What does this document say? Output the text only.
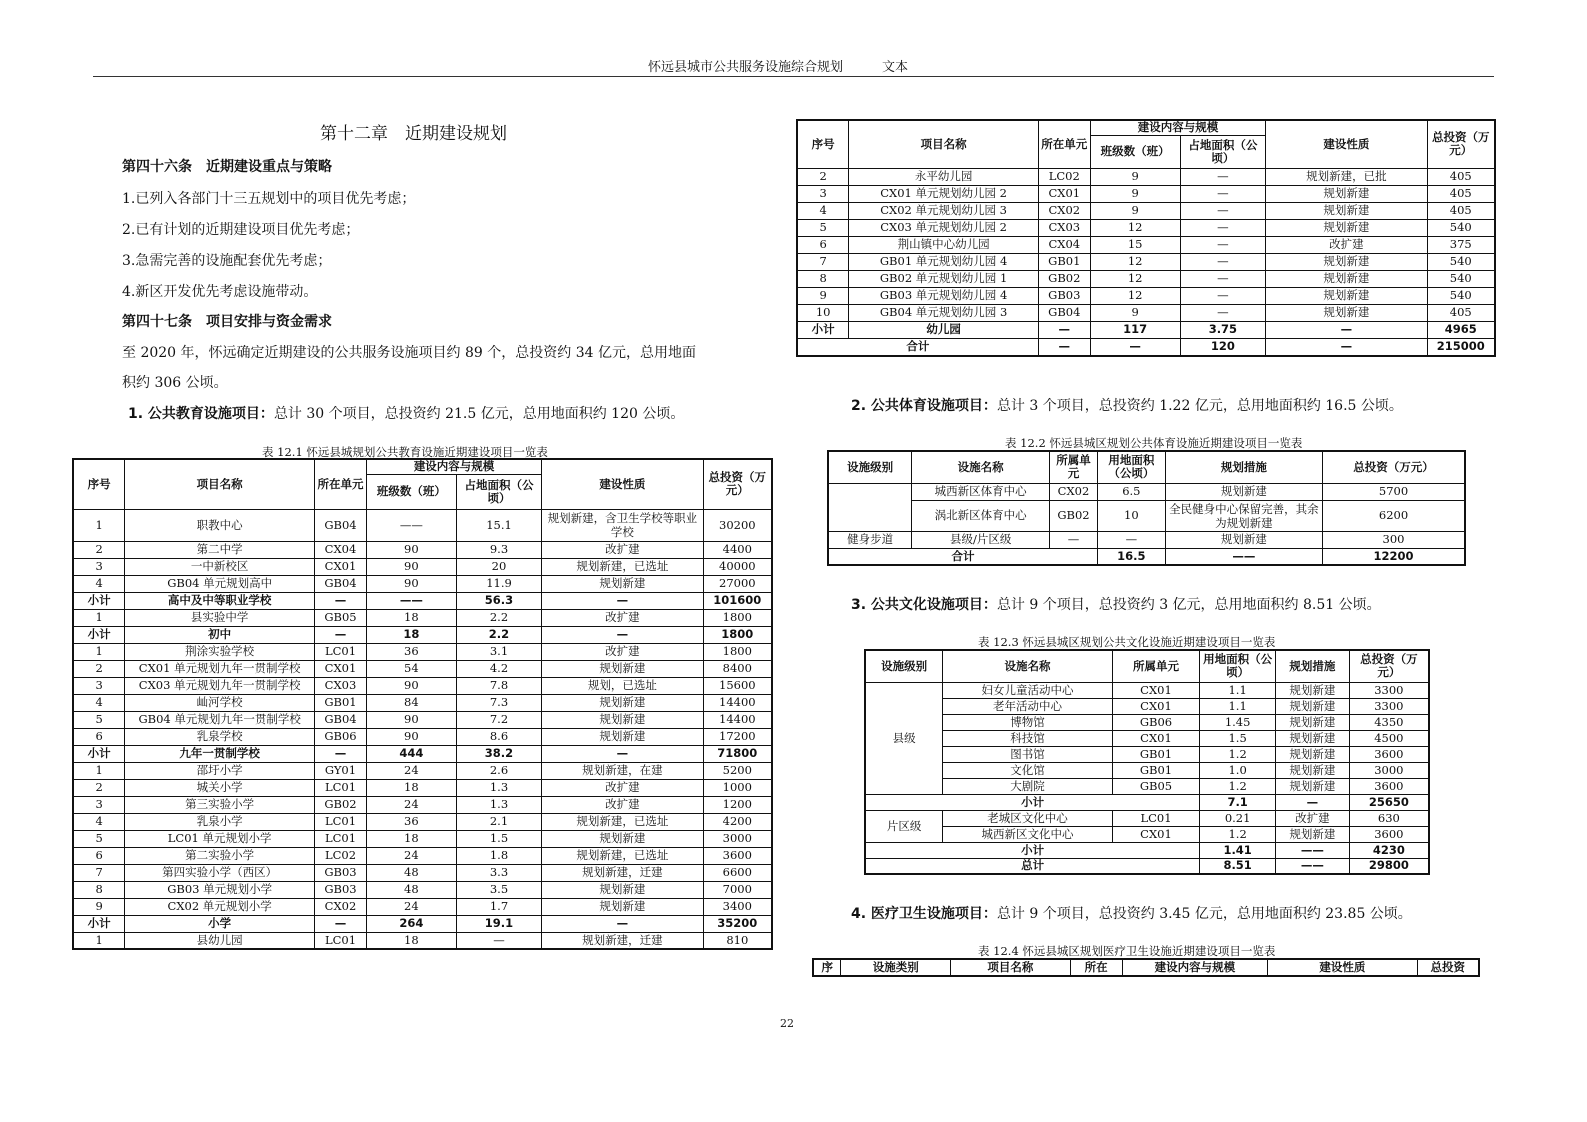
怀远县城市公共服务设施综合规划　　　文本
第十二章　近期建设规划
第四十六条　近期建设重点与策略
1.已列入各部门十三五规划中的项目优先考虑；
2.已有计划的近期建设项目优先考虑；
3.急需完善的设施配套优先考虑；
4.新区开发优先考虑设施带动。
第四十七条　项目安排与资金需求
至 2020 年，怀远确定近期建设的公共服务设施项目约 89 个，总投资约 34 亿元，总用地面
积约 306 公顷。
1. 公共教育设施项目：总计 30 个项目，总投资约 21.5 亿元，总用地面积约 120 公顷。
表 12.1 怀远县城规划公共教育设施近期建设项目一览表
序号	项目名称	所在单元	建设内容与规模		建设性质	总投资（万元）
			班级数（班）	占地面积（公顷）		
1	职教中心	GB04	——	15.1	规划新建，含卫生学校等职业学校	30200
2	第二中学	CX04	90	9.3	改扩建	4400
3	一中新校区	CX01	90	20	规划新建，已选址	40000
4	GB04 单元规划高中	GB04	90	11.9	规划新建	27000
小计	高中及中等职业学校	—	——	56.3	—	101600
1	县实验中学	GB05	18	2.2	改扩建	1800
小计	初中	—	18	2.2	—	1800
1	荆涂实验学校	LC01	36	3.1	改扩建	1800
2	CX01 单元规划九年一贯制学校	CX01	54	4.2	规划新建	8400
3	CX03 单元规划九年一贯制学校	CX03	90	7.8	规划，已选址	15600
4	屾河学校	GB01	84	7.3	规划新建	14400
5	GB04 单元规划九年一贯制学校	GB04	90	7.2	规划新建	14400
6	乳泉学校	GB06	90	8.6	规划新建	17200
小计	九年一贯制学校	—	444	38.2	—	71800
1	邵圩小学	GY01	24	2.6	规划新建，在建	5200
2	城关小学	LC01	18	1.3	改扩建	1000
3	第三实验小学	GB02	24	1.3	改扩建	1200
4	乳泉小学	LC01	36	2.1	规划新建，已选址	4200
5	LC01 单元规划小学	LC01	18	1.5	规划新建	3000
6	第二实验小学	LC02	24	1.8	规划新建，已选址	3600
7	第四实验小学（西区）	GB03	48	3.3	规划新建，迁建	6600
8	GB03 单元规划小学	GB03	48	3.5	规划新建	7000
9	CX02 单元规划小学	CX02	24	1.7	规划新建	3400
小计	小学	—	264	19.1	—	35200
1	县幼儿园	LC01	18	—	规划新建，迁建	810
序号	项目名称	所在单元	建设内容与规模		建设性质	总投资（万元）
			班级数（班）	占地面积（公顷）		
2	永平幼儿园	LC02	9	—	规划新建，已批	405
3	CX01 单元规划幼儿园 2	CX01	9	—	规划新建	405
4	CX02 单元规划幼儿园 3	CX02	9	—	规划新建	405
5	CX03 单元规划幼儿园 2	CX03	12	—	规划新建	540
6	荆山镇中心幼儿园	CX04	15	—	改扩建	375
7	GB01 单元规划幼儿园 4	GB01	12	—	规划新建	540
8	GB02 单元规划幼儿园 1	GB02	12	—	规划新建	540
9	GB03 单元规划幼儿园 4	GB03	12	—	规划新建	540
10	GB04 单元规划幼儿园 3	GB04	9	—	规划新建	405
小计	幼儿园	—	117	3.75	—	4965
合计		—	—	120	—	215000
2. 公共体育设施项目：总计 3 个项目，总投资约 1.22 亿元，总用地面积约 16.5 公顷。
表 12.2 怀远县城区规划公共体育设施近期建设项目一览表
设施级别	设施名称	所属单元	用地面积（公顷）	规划措施	总投资（万元）
	城西新区体育中心	CX02	6.5	规划新建	5700
	涡北新区体育中心	GB02	10	全民健身中心保留完善，其余为规划新建	6200
健身步道	县级/片区级	—	—	规划新建	300
合计			16.5	——	12200
3. 公共文化设施项目：总计 9 个项目，总投资约 3 亿元，总用地面积约 8.51 公顷。
表 12.3 怀远县城区规划公共文化设施近期建设项目一览表
设施级别	设施名称	所属单元	用地面积（公顷）	规划措施	总投资（万元）
县级	妇女儿童活动中心	CX01	1.1	规划新建	3300
	老年活动中心	CX01	1.1	规划新建	3300
	博物馆	GB06	1.45	规划新建	4350
	科技馆	CX01	1.5	规划新建	4500
	图书馆	GB01	1.2	规划新建	3600
	文化馆	GB01	1.0	规划新建	3000
	大剧院	GB05	1.2	规划新建	3600
小计			7.1	—	25650
片区级	老城区文化中心	LC01	0.21	改扩建	630
	城西新区文化中心	CX01	1.2	规划新建	3600
小计			1.41	——	4230
总计			8.51	——	29800
4. 医疗卫生设施项目：总计 9 个项目，总投资约 3.45 亿元，总用地面积约 23.85 公顷。
表 12.4 怀远县城区规划医疗卫生设施近期建设项目一览表
序	设施类别	项目名称	所在	建设内容与规模	建设性质	总投资
22
